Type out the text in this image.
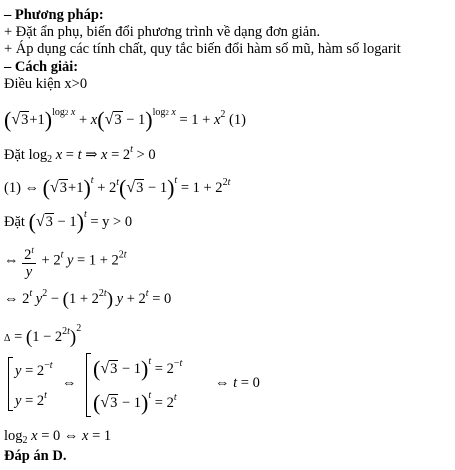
– Phương pháp:
+ Đặt ẩn phụ, biến đổi phương trình về dạng đơn giản.
+ Áp dụng các tính chất, quy tắc biến đổi hàm số mũ, hàm số logarit
– Cách giải:
Điều kiện x>0
$(√3+1)^{log2 x} + x(√3 - 1)^{log2 x} = 1 + x^2$ (1)
Đặt $\log_2 x = t$ ⇒ $x = 2^t > 0$
(1) ⇔ $(√3+1)^t + 2^t(√3 - 1)^t = 1 + 2^{2t}$
Đặt $(√3 - 1)^t = y > 0$
⇔ $\frac{2^t}{y} + 2^t$ $y = 1 + 2^{2t}$
⇔ 2$^t$ $y^2 - (1 + 2^{2t}) y + 2^t = 0$
$\Delta = (1 - 2^{2t})^2$
$y = 2^{-t}$
$y = 2^t$
⇔
$(√3 - 1)^t = 2^{-t}$
$(√3 - 1)^t = 2^t$
⇔ t = 0
$\log_2 x = 0$ ⇔ x = 1
Đáp án D.
